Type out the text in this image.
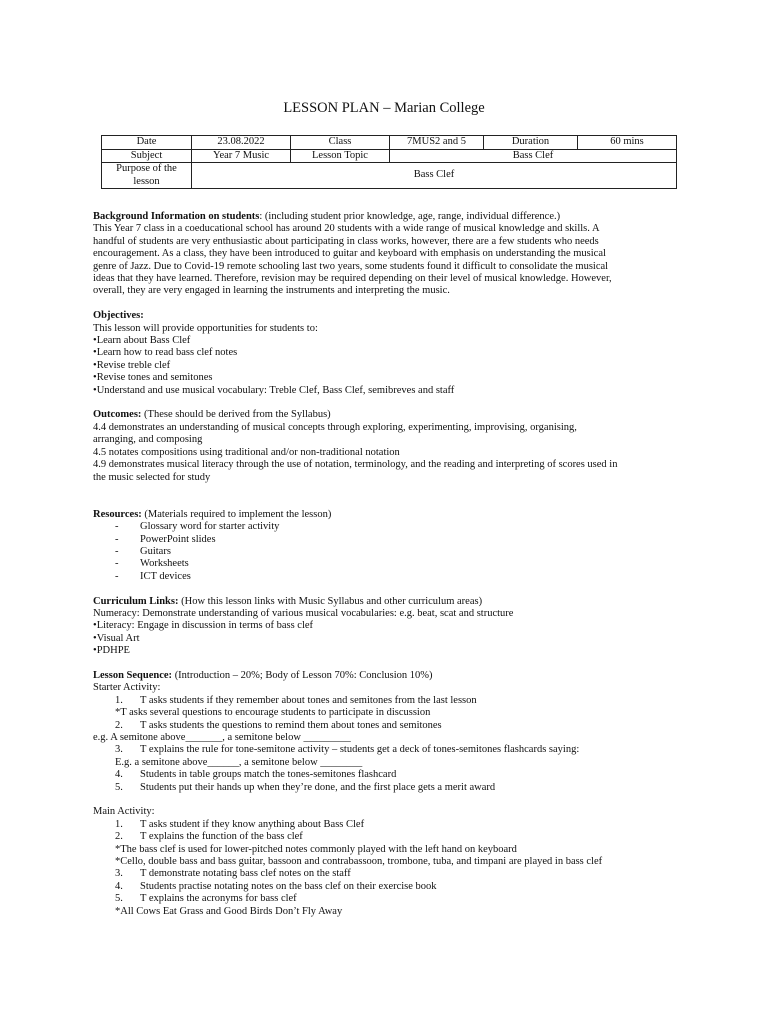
LESSON PLAN – Marian College
Date	23.08.2022	Class	7MUS2 and 5	Duration	60 mins
Subject	Year 7 Music	Lesson Topic	Bass Clef		
Purpose of the lesson	Bass Clef				
Background Information on students: (including student prior knowledge, age, range, individual difference.)
This Year 7 class in a coeducational school has around 20 students with a wide range of musical knowledge and skills. A
handful of students are very enthusiastic about participating in class works, however, there are a few students who needs
encouragement. As a class, they have been introduced to guitar and keyboard with emphasis on understanding the musical
genre of Jazz. Due to Covid-19 remote schooling last two years, some students found it difficult to consolidate the musical
ideas that they have learned. Therefore, revision may be required depending on their level of musical knowledge. However,
overall, they are very engaged in learning the instruments and interpreting the music.
Objectives:
This lesson will provide opportunities for students to:
• Learn about Bass Clef
• Learn how to read bass clef notes
• Revise treble clef
• Revise tones and semitones
• Understand and use musical vocabulary: Treble Clef, Bass Clef, semibreves and staff
Outcomes: (These should be derived from the Syllabus)
4.4 demonstrates an understanding of musical concepts through exploring, experimenting, improvising, organising,
arranging, and composing
4.5 notates compositions using traditional and/or non-traditional notation
4.9 demonstrates musical literacy through the use of notation, terminology, and the reading and interpreting of scores used in
the music selected for study
Resources: (Materials required to implement the lesson)
- Glossary word for starter activity
- PowerPoint slides
- Guitars
- Worksheets
- ICT devices
Curriculum Links: (How this lesson links with Music Syllabus and other curriculum areas)
Numeracy: Demonstrate understanding of various musical vocabularies: e.g. beat, scat and structure
• Literacy: Engage in discussion in terms of bass clef
• Visual Art
• PDHPE
Lesson Sequence: (Introduction – 20%; Body of Lesson 70%: Conclusion 10%)
Starter Activity:
1. T asks students if they remember about tones and semitones from the last lesson
*T asks several questions to encourage students to participate in discussion
2. T asks students the questions to remind them about tones and semitones
e.g. A semitone above_______, a semitone below _________
3. T explains the rule for tone-semitone activity – students get a deck of tones-semitones flashcards saying:
E.g. a semitone above______, a semitone below ________
4. Students in table groups match the tones-semitones flashcard
5. Students put their hands up when they’re done, and the first place gets a merit award
Main Activity:
1. T asks student if they know anything about Bass Clef
2. T explains the function of the bass clef
*The bass clef is used for lower-pitched notes commonly played with the left hand on keyboard
*Cello, double bass and bass guitar, bassoon and contrabassoon, trombone, tuba, and timpani are played in bass clef
3. T demonstrate notating bass clef notes on the staff
4. Students practise notating notes on the bass clef on their exercise book
5. T explains the acronyms for bass clef
*All Cows Eat Grass and Good Birds Don’t Fly Away
